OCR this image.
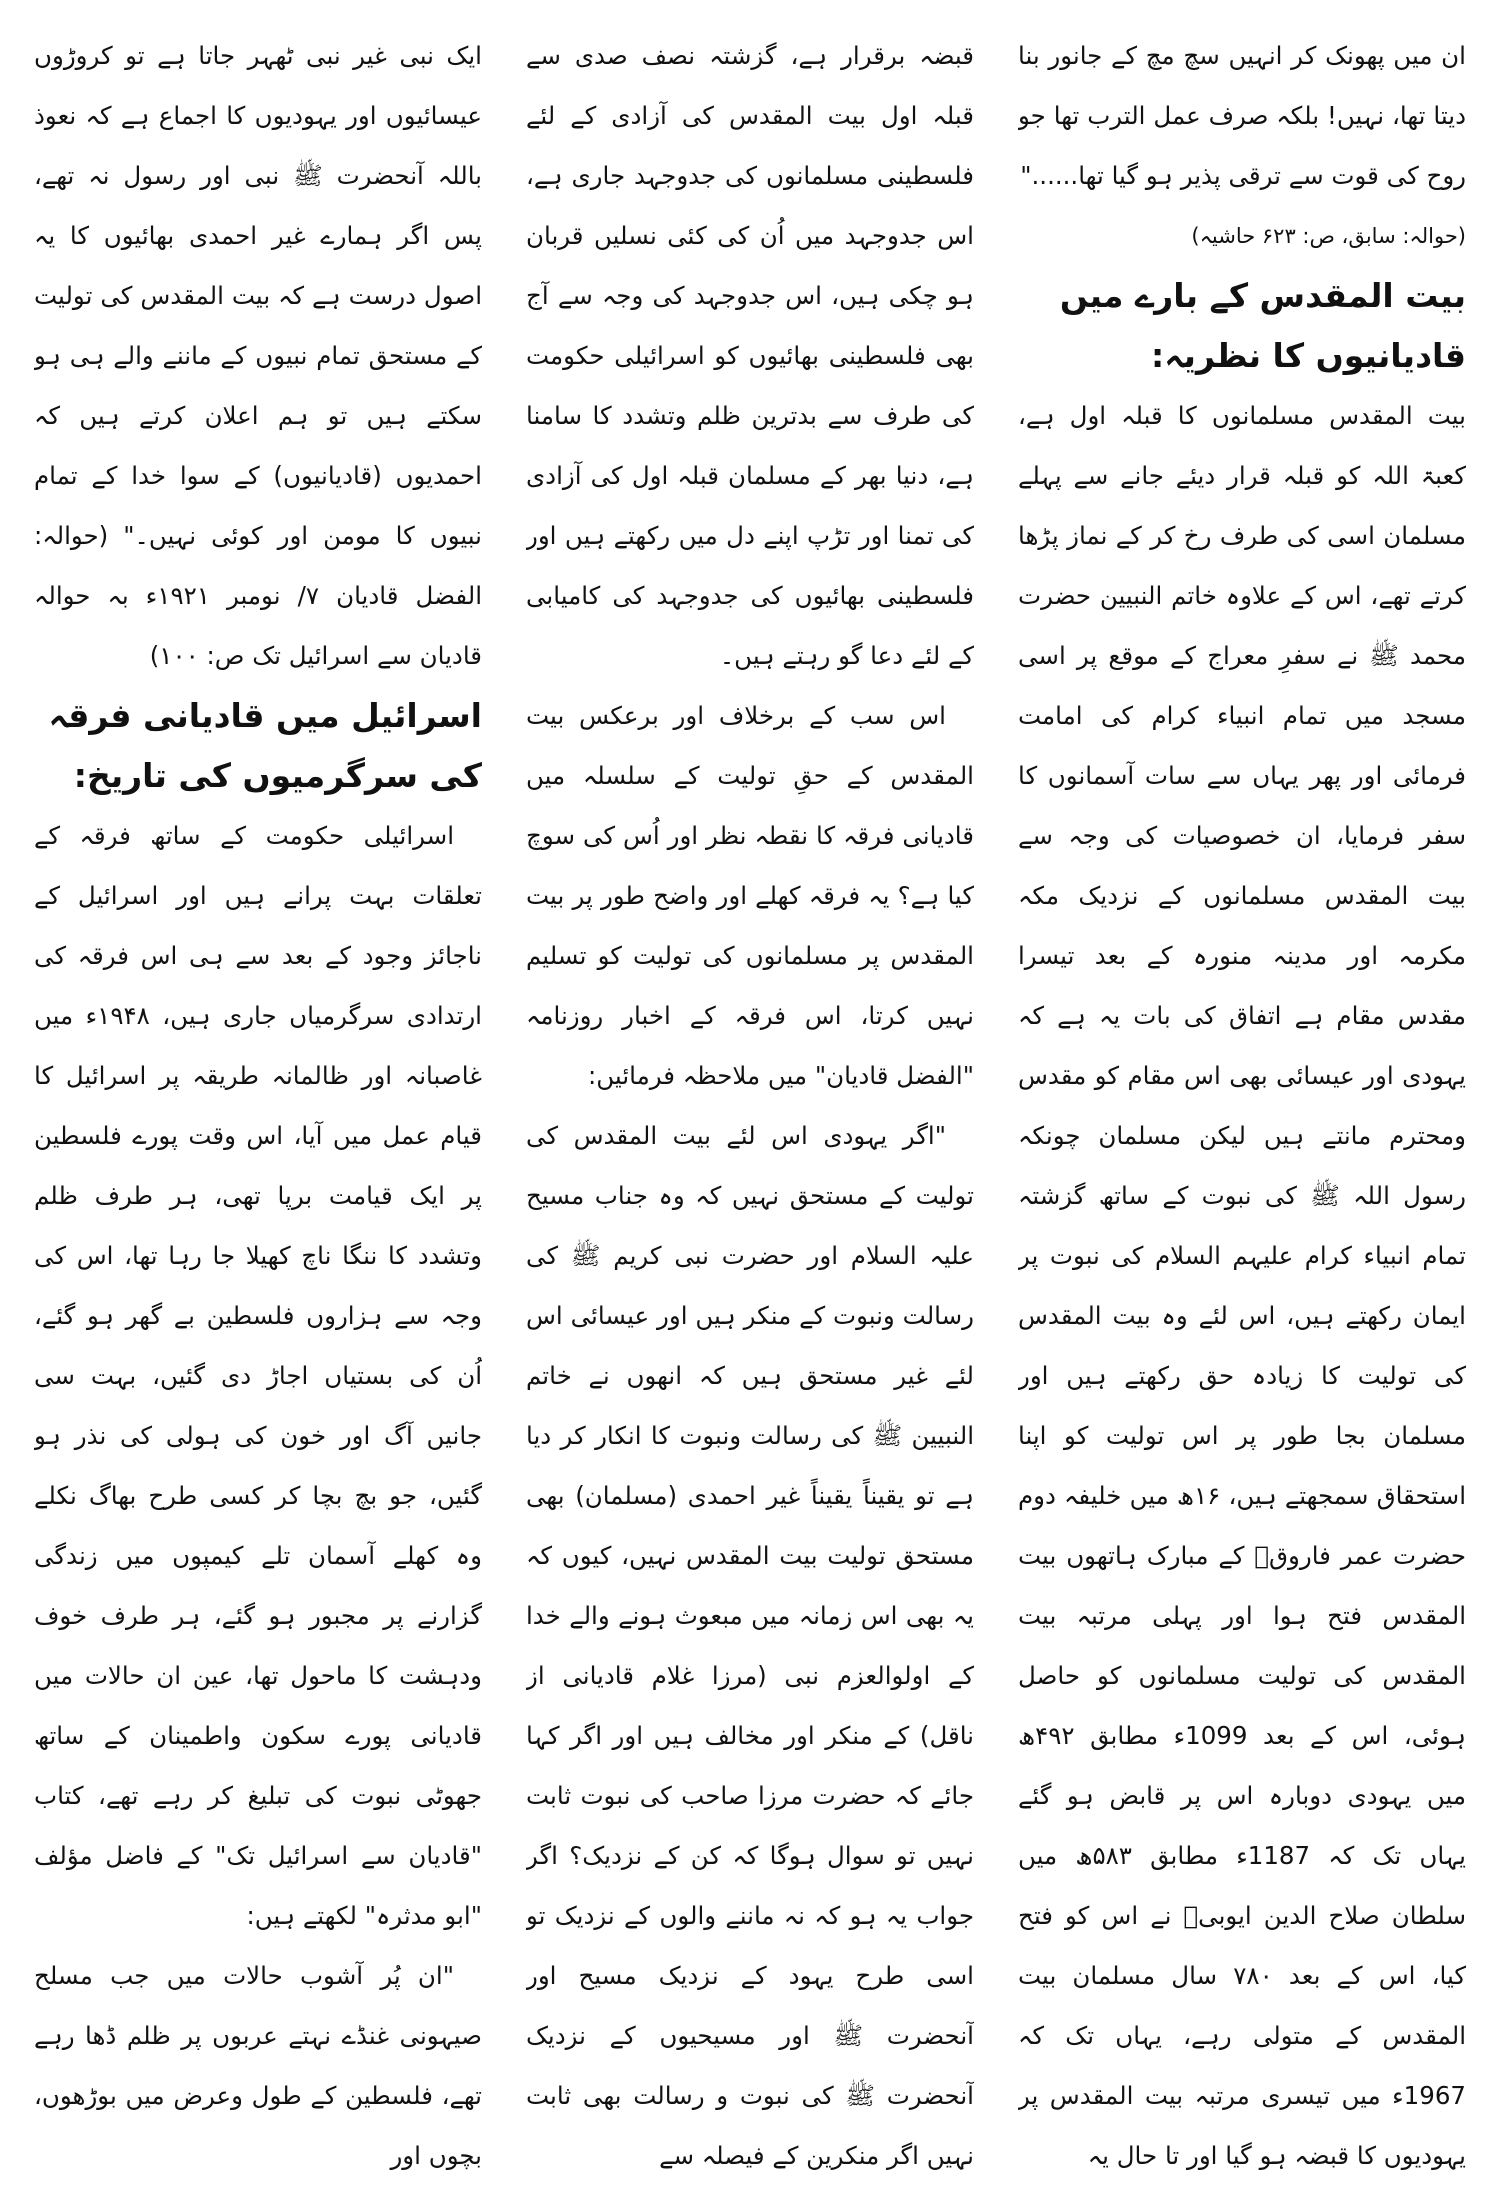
ان میں پھونک کر انہیں سچ مچ کے جانور بنا دیتا تھا، نہیں! بلکہ صرف عمل الترب تھا جو روح کی قوت سے ترقی پذیر ہو گیا تھا......"

(حوالہ: سابق، ص: ۶۲۳ حاشیہ)

بیت المقدس کے بارے میں قادیانیوں کا نظریہ:

بیت المقدس مسلمانوں کا قبلہ اول ہے، کعبۃ اللہ کو قبلہ قرار دیئے جانے سے پہلے مسلمان اسی کی طرف رخ کر کے نماز پڑھا کرتے تھے، اس کے علاوہ خاتم النبیین حضرت محمد ﷺ نے سفرِ معراج کے موقع پر اسی مسجد میں تمام انبیاء کرام کی امامت فرمائی اور پھر یہاں سے سات آسمانوں کا سفر فرمایا، ان خصوصیات کی وجہ سے بیت المقدس مسلمانوں کے نزدیک مکہ مکرمہ اور مدینہ منورہ کے بعد تیسرا مقدس مقام ہے اتفاق کی بات یہ ہے کہ یہودی اور عیسائی بھی اس مقام کو مقدس ومحترم مانتے ہیں لیکن مسلمان چونکہ رسول اللہ ﷺ کی نبوت کے ساتھ گزشتہ تمام انبیاء کرام علیہم السلام کی نبوت پر ایمان رکھتے ہیں، اس لئے وہ بیت المقدس کی تولیت کا زیادہ حق رکھتے ہیں اور مسلمان بجا طور پر اس تولیت کو اپنا استحقاق سمجھتے ہیں، ۱۶ھ میں خلیفہ دوم حضرت عمر فاروقؓ کے مبارک ہاتھوں بیت المقدس فتح ہوا اور پہلی مرتبہ بیت المقدس کی تولیت مسلمانوں کو حاصل ہوئی، اس کے بعد 1099ء مطابق ۴۹۲ھ میں یہودی دوبارہ اس پر قابض ہو گئے یہاں تک کہ 1187ء مطابق ۵۸۳ھ میں سلطان صلاح الدین ایوبیؒ نے اس کو فتح کیا، اس کے بعد ۷۸۰ سال مسلمان بیت المقدس کے متولی رہے، یہاں تک کہ 1967ء میں تیسری مرتبہ بیت المقدس پر یہودیوں کا قبضہ ہو گیا اور تا حال یہ

قبضہ برقرار ہے، گزشتہ نصف صدی سے قبلہ اول بیت المقدس کی آزادی کے لئے فلسطینی مسلمانوں کی جدوجہد جاری ہے، اس جدوجہد میں اُن کی کئی نسلیں قربان ہو چکی ہیں، اس جدوجہد کی وجہ سے آج بھی فلسطینی بھائیوں کو اسرائیلی حکومت کی طرف سے بدترین ظلم وتشدد کا سامنا ہے، دنیا بھر کے مسلمان قبلہ اول کی آزادی کی تمنا اور تڑپ اپنے دل میں رکھتے ہیں اور فلسطینی بھائیوں کی جدوجہد کی کامیابی کے لئے دعا گو رہتے ہیں۔

اس سب کے برخلاف اور برعکس بیت المقدس کے حقِ تولیت کے سلسلہ میں قادیانی فرقہ کا نقطہ نظر اور اُس کی سوچ کیا ہے؟ یہ فرقہ کھلے اور واضح طور پر بیت المقدس پر مسلمانوں کی تولیت کو تسلیم نہیں کرتا، اس فرقہ کے اخبار روزنامہ "الفضل قادیان" میں ملاحظہ فرمائیں:

"اگر یہودی اس لئے بیت المقدس کی تولیت کے مستحق نہیں کہ وہ جناب مسیح علیہ السلام اور حضرت نبی کریم ﷺ کی رسالت ونبوت کے منکر ہیں اور عیسائی اس لئے غیر مستحق ہیں کہ انھوں نے خاتم النبیین ﷺ کی رسالت ونبوت کا انکار کر دیا ہے تو یقیناً یقیناً غیر احمدی (مسلمان) بھی مستحق تولیت بیت المقدس نہیں، کیوں کہ یہ بھی اس زمانہ میں مبعوث ہونے والے خدا کے اولوالعزم نبی (مرزا غلام قادیانی از ناقل) کے منکر اور مخالف ہیں اور اگر کہا جائے کہ حضرت مرزا صاحب کی نبوت ثابت نہیں تو سوال ہوگا کہ کن کے نزدیک؟ اگر جواب یہ ہو کہ نہ ماننے والوں کے نزدیک تو اسی طرح یہود کے نزدیک مسیح اور آنحضرت ﷺ اور مسیحیوں کے نزدیک آنحضرت ﷺ کی نبوت و رسالت بھی ثابت نہیں اگر منکرین کے فیصلہ سے

ایک نبی غیر نبی ٹھہر جاتا ہے تو کروڑوں عیسائیوں اور یہودیوں کا اجماع ہے کہ نعوذ باللہ آنحضرت ﷺ نبی اور رسول نہ تھے، پس اگر ہمارے غیر احمدی بھائیوں کا یہ اصول درست ہے کہ بیت المقدس کی تولیت کے مستحق تمام نبیوں کے ماننے والے ہی ہو سکتے ہیں تو ہم اعلان کرتے ہیں کہ احمدیوں (قادیانیوں) کے سوا خدا کے تمام نبیوں کا مومن اور کوئی نہیں۔" (حوالہ: الفضل قادیان ۷/ نومبر ۱۹۲۱ء بہ حوالہ قادیان سے اسرائیل تک ص: ۱۰۰)

اسرائیل میں قادیانی فرقہ کی سرگرمیوں کی تاریخ:

اسرائیلی حکومت کے ساتھ فرقہ کے تعلقات بہت پرانے ہیں اور اسرائیل کے ناجائز وجود کے بعد سے ہی اس فرقہ کی ارتدادی سرگرمیاں جاری ہیں، ۱۹۴۸ء میں غاصبانہ اور ظالمانہ طریقہ پر اسرائیل کا قیام عمل میں آیا، اس وقت پورے فلسطین پر ایک قیامت برپا تھی، ہر طرف ظلم وتشدد کا ننگا ناچ کھیلا جا رہا تھا، اس کی وجہ سے ہزاروں فلسطین بے گھر ہو گئے، اُن کی بستیاں اجاڑ دی گئیں، بہت سی جانیں آگ اور خون کی ہولی کی نذر ہو گئیں، جو بچ بچا کر کسی طرح بھاگ نکلے وہ کھلے آسمان تلے کیمپوں میں زندگی گزارنے پر مجبور ہو گئے، ہر طرف خوف ودہشت کا ماحول تھا، عین ان حالات میں قادیانی پورے سکون واطمینان کے ساتھ جھوٹی نبوت کی تبلیغ کر رہے تھے، کتاب "قادیان سے اسرائیل تک" کے فاضل مؤلف "ابو مدثرہ" لکھتے ہیں:

"ان پُر آشوب حالات میں جب مسلح صیہونی غنڈے نہتے عربوں پر ظلم ڈھا رہے تھے، فلسطین کے طول وعرض میں بوڑھوں، بچوں اور
